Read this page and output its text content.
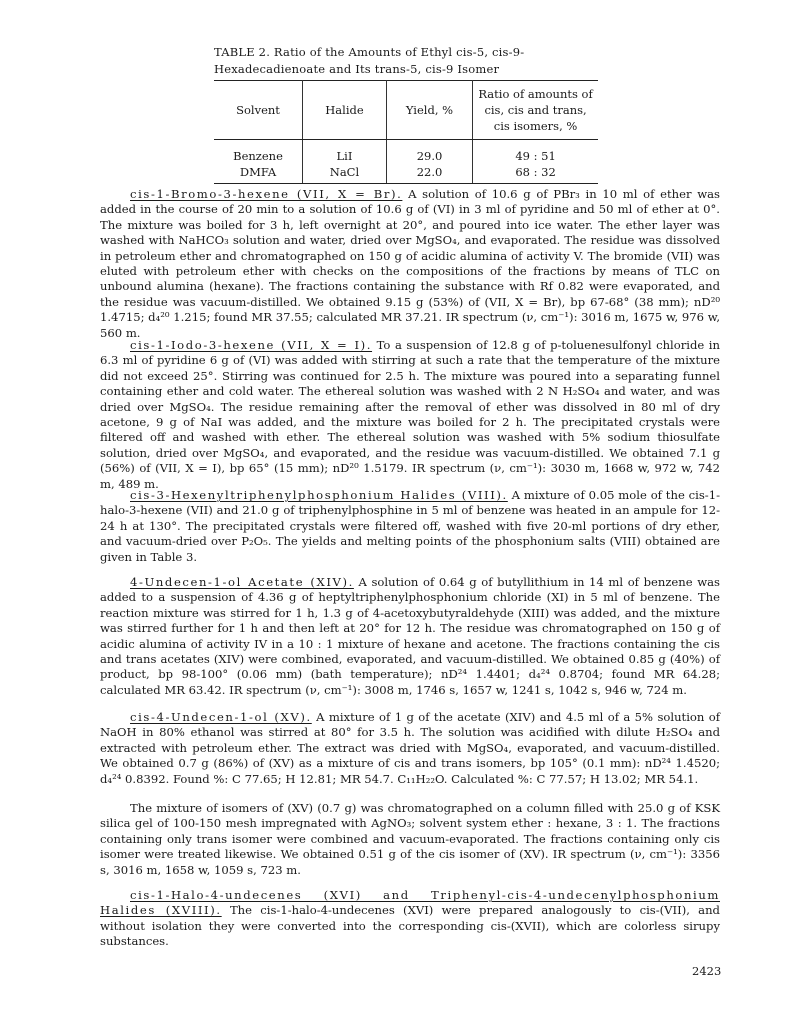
TABLE 2. Ratio of the Amounts of Ethyl cis-5, cis-9-Hexadecadienoate and Its trans-5, cis-9 Isomer
Solvent	Halide	Yield, %	Ratio of amounts of cis, cis and trans, cis isomers, %
Benzene	LiI	29.0	49 : 51
DMFA	NaCl	22.0	68 : 32

cis-1-Bromo-3-hexene (VII, X = Br). A solution of 10.6 g of PBr₃ in 10 ml of ether was added in the course of 20 min to a solution of 10.6 g of (VI) in 3 ml of pyridine and 50 ml of ether at 0°. The mixture was boiled for 3 h, left overnight at 20°, and poured into ice water. The ether layer was washed with NaHCO₃ solution and water, dried over MgSO₄, and evaporated. The residue was dissolved in petroleum ether and chromatographed on 150 g of acidic alumina of activity V. The bromide (VII) was eluted with petroleum ether with checks on the compositions of the fractions by means of TLC on unbound alumina (hexane). The fractions containing the substance with Rf 0.82 were evaporated, and the residue was vacuum-distilled. We obtained 9.15 g (53%) of (VII, X = Br), bp 67-68° (38 mm); nD²⁰ 1.4715; d₄²⁰ 1.215; found MR 37.55; calculated MR 37.21. IR spectrum (ν, cm⁻¹): 3016 m, 1675 w, 976 w, 560 m.

cis-1-Iodo-3-hexene (VII, X = I). To a suspension of 12.8 g of p-toluenesulfonyl chloride in 6.3 ml of pyridine 6 g of (VI) was added with stirring at such a rate that the temperature of the mixture did not exceed 25°. Stirring was continued for 2.5 h. The mixture was poured into a separating funnel containing ether and cold water. The ethereal solution was washed with 2 N H₂SO₄ and water, and was dried over MgSO₄. The residue remaining after the removal of ether was dissolved in 80 ml of dry acetone, 9 g of NaI was added, and the mixture was boiled for 2 h. The precipitated crystals were filtered off and washed with ether. The ethereal solution was washed with 5% sodium thiosulfate solution, dried over MgSO₄, and evaporated, and the residue was vacuum-distilled. We obtained 7.1 g (56%) of (VII, X = I), bp 65° (15 mm); nD²⁰ 1.5179. IR spectrum (ν, cm⁻¹): 3030 m, 1668 w, 972 w, 742 m, 489 m.

cis-3-Hexenyltriphenylphosphonium Halides (VIII). A mixture of 0.05 mole of the cis-1-halo-3-hexene (VII) and 21.0 g of triphenylphosphine in 5 ml of benzene was heated in an ampule for 12-24 h at 130°. The precipitated crystals were filtered off, washed with five 20-ml portions of dry ether, and vacuum-dried over P₂O₅. The yields and melting points of the phosphonium salts (VIII) obtained are given in Table 3.

4-Undecen-1-ol Acetate (XIV). A solution of 0.64 g of butyllithium in 14 ml of benzene was added to a suspension of 4.36 g of heptyltriphenylphosphonium chloride (XI) in 5 ml of benzene. The reaction mixture was stirred for 1 h, 1.3 g of 4-acetoxybutyraldehyde (XIII) was added, and the mixture was stirred further for 1 h and then left at 20° for 12 h. The residue was chromatographed on 150 g of acidic alumina of activity IV in a 10 : 1 mixture of hexane and acetone. The fractions containing the cis and trans acetates (XIV) were combined, evaporated, and vacuum-distilled. We obtained 0.85 g (40%) of product, bp 98-100° (0.06 mm) (bath temperature); nD²⁴ 1.4401; d₄²⁴ 0.8704; found MR 64.28; calculated MR 63.42. IR spectrum (ν, cm⁻¹): 3008 m, 1746 s, 1657 w, 1241 s, 1042 s, 946 w, 724 m.

cis-4-Undecen-1-ol (XV). A mixture of 1 g of the acetate (XIV) and 4.5 ml of a 5% solution of NaOH in 80% ethanol was stirred at 80° for 3.5 h. The solution was acidified with dilute H₂SO₄ and extracted with petroleum ether. The extract was dried with MgSO₄, evaporated, and vacuum-distilled. We obtained 0.7 g (86%) of (XV) as a mixture of cis and trans isomers, bp 105° (0.1 mm): nD²⁴ 1.4520; d₄²⁴ 0.8392. Found %: C 77.65; H 12.81; MR 54.7. C₁₁H₂₂O. Calculated %: C 77.57; H 13.02; MR 54.1.

The mixture of isomers of (XV) (0.7 g) was chromatographed on a column filled with 25.0 g of KSK silica gel of 100-150 mesh impregnated with AgNO₃; solvent system ether : hexane, 3 : 1. The fractions containing only trans isomer were combined and vacuum-evaporated. The fractions containing only cis isomer were treated likewise. We obtained 0.51 g of the cis isomer of (XV). IR spectrum (ν, cm⁻¹): 3356 s, 3016 m, 1658 w, 1059 s, 723 m.

cis-1-Halo-4-undecenes (XVI) and Triphenyl-cis-4-undecenylphosphonium Halides (XVIII). The cis-1-halo-4-undecenes (XVI) were prepared analogously to cis-(VII), and without isolation they were converted into the corresponding cis-(XVII), which are colorless sirupy substances.

2423
